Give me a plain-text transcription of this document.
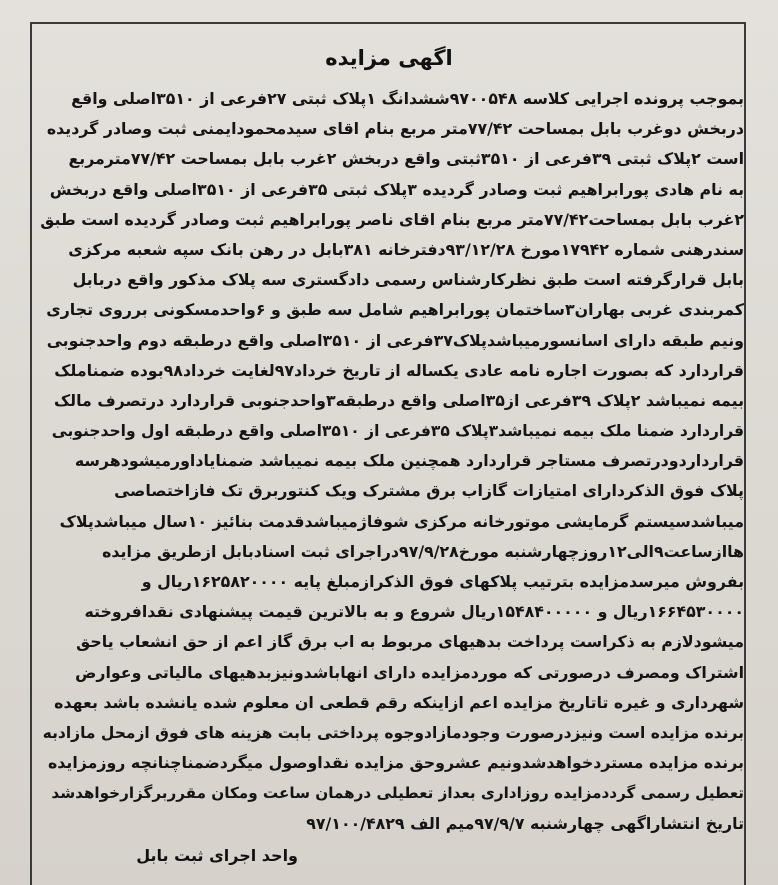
اگهی مزایده
بموجب پرونده اجرایی کلاسه ۹۷۰۰۵۴۸ششدانگ ۱پلاک ثبتی ۲۷فرعی از ۳۵۱۰اصلی واقع
دربخش دوغرب بابل بمساحت ۷۷/۴۲متر مربع بنام اقای سیدمحمودایمنی ثبت وصادر گردیده
است ۲پلاک ثبتی ۳۹فرعی از ۳۵۱۰ثبتی واقع دربخش ۲غرب بابل بمساحت ۷۷/۴۲مترمربع
به نام هادی پورابراهیم ثبت وصادر گردیده ۳پلاک ثبتی ۳۵فرعی از ۳۵۱۰اصلی واقع دربخش
۲غرب بابل بمساحت۷۷/۴۲متر مربع بنام اقای ناصر پورابراهیم ثبت وصادر گردیده است طبق
سندرهنی شماره ۱۷۹۴۲مورخ ۹۳/۱۲/۲۸دفترخانه ۳۸۱بابل در رهن بانک سپه شعبه مرکزی
بابل قرارگرفته است طبق نظرکارشناس رسمی دادگستری سه پلاک مذکور واقع دربابل
کمربندی غربی بهاران۳ساختمان پورابراهیم شامل سه طبق و ۶واحدمسکونی برروی تجاری
ونیم طبقه دارای اسانسورمیباشدپلاک۳۷فرعی از ۳۵۱۰اصلی واقع درطبقه دوم واحدجنوبی
قراردارد که بصورت اجاره نامه عادی یکساله از تاریخ خرداد۹۷لغایت خرداد۹۸بوده ضمناملک
بیمه نمیباشد ۲پلاک ۳۹فرعی از۳۵اصلی واقع درطبقه۳واحدجنوبی قراردارد درتصرف مالک
قراردارد ضمنا ملک بیمه نمیباشد۳پلاک ۳۵فرعی از ۳۵۱۰اصلی واقع درطبقه اول واحدجنوبی
قرارداردودرتصرف مستاجر قراردارد همچنین ملک بیمه نمیباشد ضمنایاداورمیشودهرسه
پلاک فوق الذکردارای امتیازات گازاب برق مشترک ویک کنتوربرق تک فازاختصاصی
میباشدسیستم گرمایشی موتورخانه مرکزی شوفاژمیباشدقدمت بنائیز ۱۰سال میباشدپلاک
هاازساعت۹الی۱۲روزچهارشنبه مورخ۹۷/۹/۲۸دراجرای ثبت اسنادبابل ازطریق مزایده
بفروش میرسدمزایده بترتیب پلاکهای فوق الذکرازمبلغ پایه ۱۶۲۵۸۲۰۰۰۰ریال و
۱۶۶۴۵۳۰۰۰۰ریال و ۱۵۴۸۴۰۰۰۰۰ریال شروع و به بالاترین قیمت پیشنهادی نقدافروخته
میشودلازم به ذکراست پرداخت بدهیهای مربوط به اب برق گاز اعم از حق انشعاب یاحق
اشتراک ومصرف درصورتی که موردمزایده دارای انهاباشدونیزبدهیهای مالیاتی وعوارض
شهرداری و غیره تاتاریخ مزایده اعم ازاینکه رقم قطعی ان معلوم شده یانشده باشد بعهده
برنده مزایده است ونیزدرصورت وجودمازادوجوه پرداختی بابت هزینه های فوق ازمحل مازادبه
برنده مزایده مستردخواهدشدونیم عشروحق مزایده نقداوصول میگردضمناچنانچه روزمزایده
تعطیل رسمی گرددمزایده روزاداری بعداز تعطیلی درهمان ساعت ومکان مقرربرگزارخواهدشد
تاریخ انتشاراگهی چهارشنبه ۹۷/۹/۷میم الف ۹۷/۱۰۰/۴۸۲۹
واحد اجرای ثبت بابل
